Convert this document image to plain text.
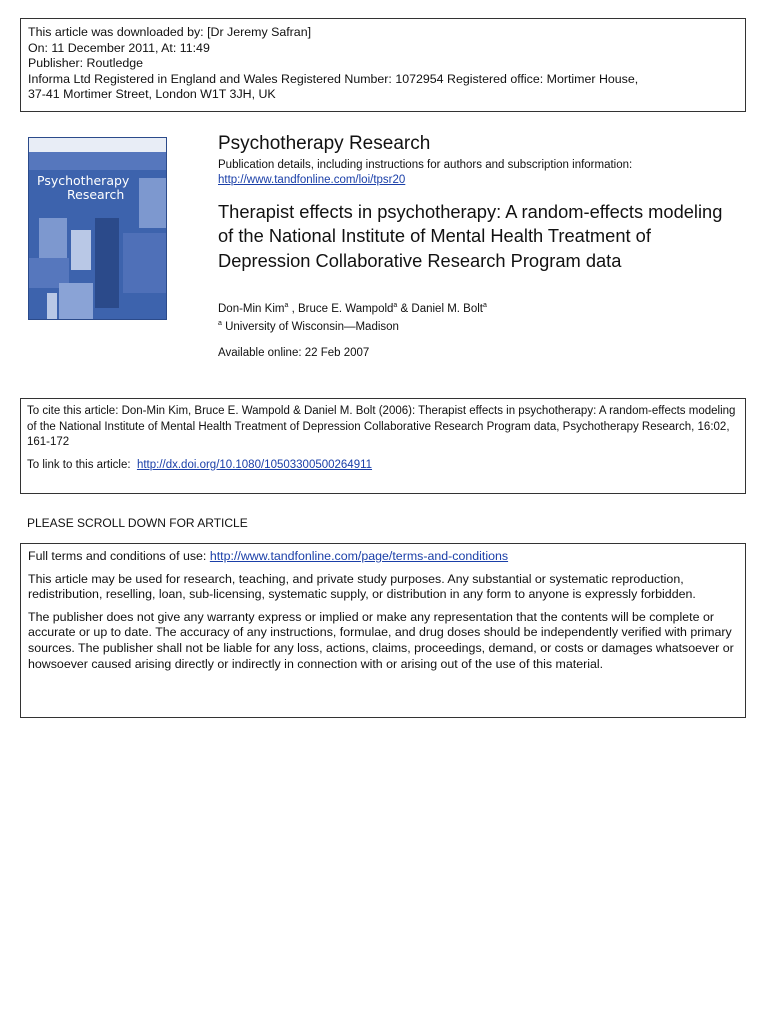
This article was downloaded by: [Dr Jeremy Safran]
On: 11 December 2011, At: 11:49
Publisher: Routledge
Informa Ltd Registered in England and Wales Registered Number: 1072954 Registered office: Mortimer House,
37-41 Mortimer Street, London W1T 3JH, UK
Psychotherapy
Research
Psychotherapy Research
Publication details, including instructions for authors and subscription information:
http://www.tandfonline.com/loi/tpsr20
Therapist effects in psychotherapy: A random-effects modeling of the National Institute of Mental Health Treatment of Depression Collaborative Research Program data
Don-Min Kim$^a$ , Bruce E. Wampold$^a$ & Daniel M. Bolt$^a$
$^a$ University of Wisconsin—Madison
Available online: 22 Feb 2007
To cite this article: Don-Min Kim, Bruce E. Wampold & Daniel M. Bolt (2006): Therapist effects in psychotherapy: A random-effects modeling of the National Institute of Mental Health Treatment of Depression Collaborative Research Program data, Psychotherapy Research, 16:02, 161-172
To link to this article: http://dx.doi.org/10.1080/10503300500264911
PLEASE SCROLL DOWN FOR ARTICLE

Full terms and conditions of use: http://www.tandfonline.com/page/terms-and-conditions

This article may be used for research, teaching, and private study purposes. Any substantial or systematic reproduction, redistribution, reselling, loan, sub-licensing, systematic supply, or distribution in any form to anyone is expressly forbidden.

The publisher does not give any warranty express or implied or make any representation that the contents will be complete or accurate or up to date. The accuracy of any instructions, formulae, and drug doses should be independently verified with primary sources. The publisher shall not be liable for any loss, actions, claims, proceedings, demand, or costs or damages whatsoever or howsoever caused arising directly or indirectly in connection with or arising out of the use of this material.
